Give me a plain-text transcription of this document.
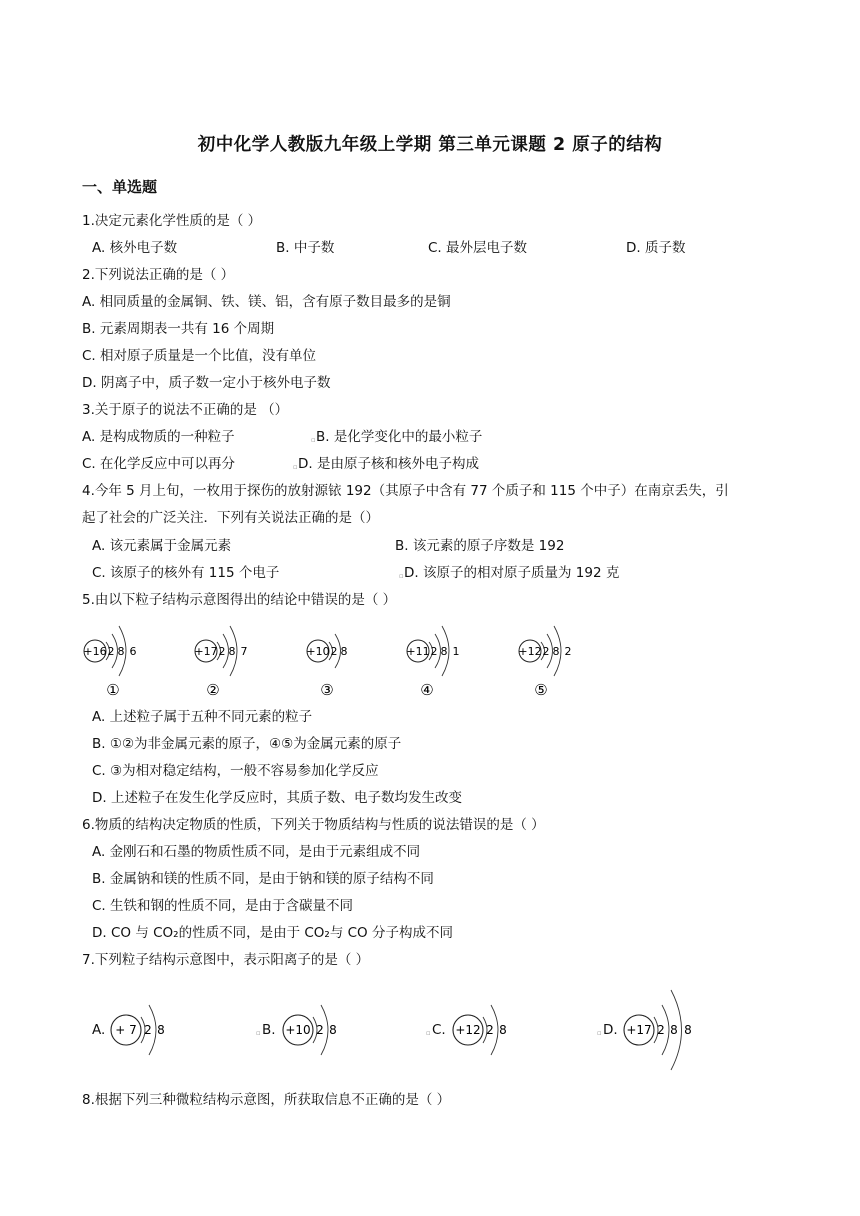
初中化学人教版九年级上学期 第三单元课题 2 原子的结构
一、单选题
1.决定元素化学性质的是（ ）
A. 核外电子数	B. 中子数	C. 最外层电子数	D. 质子数
2.下列说法正确的是（ ）
A. 相同质量的金属铜、铁、镁、铝，含有原子数目最多的是铜
B. 元素周期表一共有 16 个周期
C. 相对原子质量是一个比值，没有单位
D. 阴离子中，质子数一定小于核外电子数
3.关于原子的说法不正确的是 （）
A. 是构成物质的一种粒子	B. 是化学变化中的最小粒子
C. 在化学反应中可以再分	D. 是由原子核和核外电子构成
4.今年 5 月上旬，一枚用于探伤的放射源铱 192（其原子中含有 77 个质子和 115 个中子）在南京丢失，引
起了社会的广泛关注．下列有关说法正确的是（）
A. 该元素属于金属元素	B. 该元素的原子序数是 192
C. 该原子的核外有 115 个电子	D. 该原子的相对原子质量为 192 克
5.由以下粒子结构示意图得出的结论中错误的是（ ）
+16 2 8 6
①
+17 2 8 7
②
+10 2 8
③
+11 2 8 1
④
+12 2 8 2
⑤
A. 上述粒子属于五种不同元素的粒子
B. ①②为非金属元素的原子，④⑤为金属元素的原子
C. ③为相对稳定结构，一般不容易参加化学反应
D. 上述粒子在发生化学反应时，其质子数、电子数均发生改变
6.物质的结构决定物质的性质，下列关于物质结构与性质的说法错误的是（ ）
A. 金刚石和石墨的物质性质不同，是由于元素组成不同
B. 金属钠和镁的性质不同，是由于钠和镁的原子结构不同
C. 生铁和钢的性质不同，是由于含碳量不同
D. CO 与 CO₂的性质不同，是由于 CO₂与 CO 分子构成不同
7.下列粒子结构示意图中，表示阳离子的是（ ）
A. + 7 2 8	▫ B. +10 2 8	▫ C. +12 2 8	▫ D. +17 2 8 8
8.根据下列三种微粒结构示意图，所获取信息不正确的是（ ）
▫
▫
▫
